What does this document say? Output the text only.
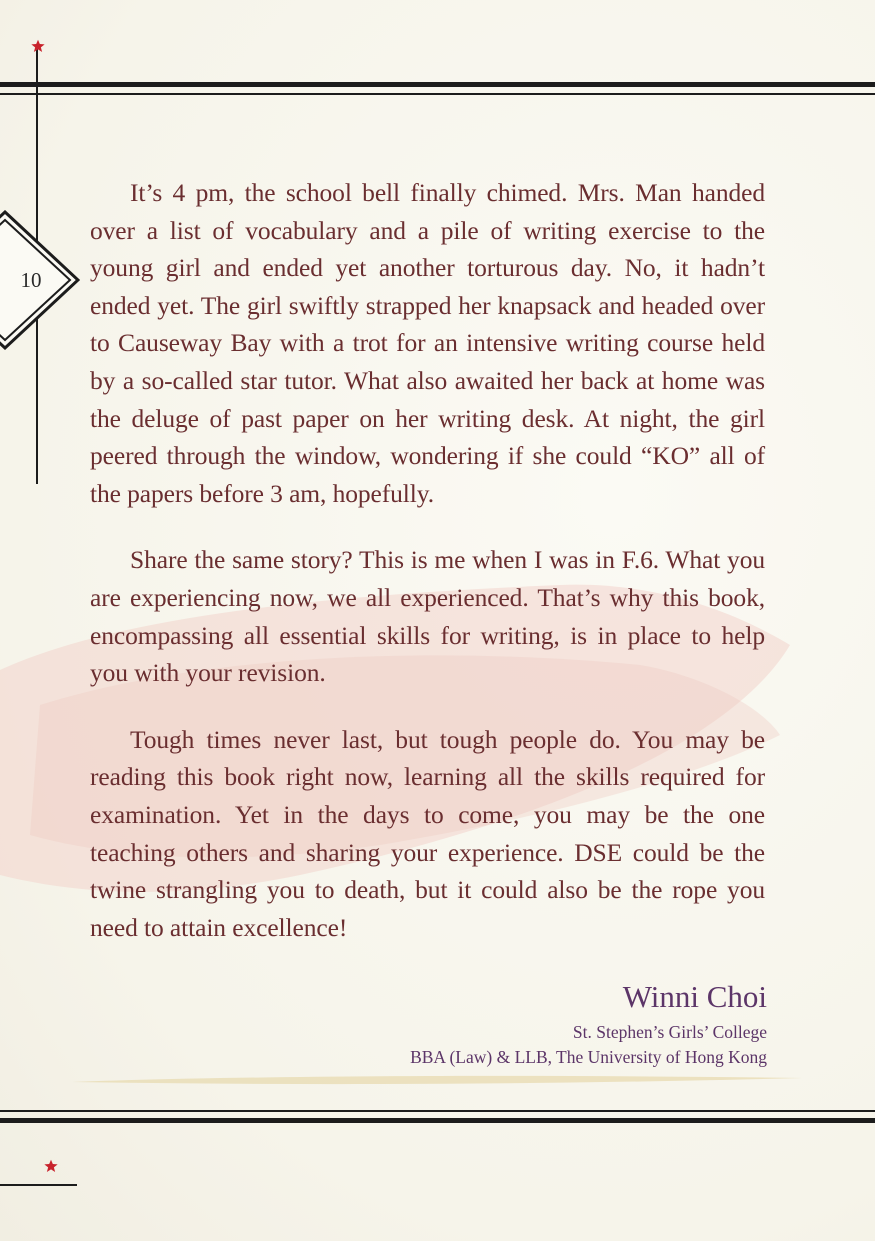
10

It’s 4 pm, the school bell finally chimed. Mrs. Man handed over a list of vocabulary and a pile of writing exercise to the young girl and ended yet another torturous day. No, it hadn’t ended yet. The girl swiftly strapped her knapsack and headed over to Causeway Bay with a trot for an intensive writing course held by a so-called star tutor. What also awaited her back at home was the deluge of past paper on her writing desk. At night, the girl peered through the window, wondering if she could “KO” all of the papers before 3 am, hopefully.

Share the same story? This is me when I was in F.6. What you are experiencing now, we all experienced. That’s why this book, encompassing all essential skills for writing, is in place to help you with your revision.

Tough times never last, but tough people do. You may be reading this book right now, learning all the skills required for examination. Yet in the days to come, you may be the one teaching others and sharing your experience. DSE could be the twine strangling you to death, but it could also be the rope you need to attain excellence!

Winni Choi
St. Stephen’s Girls’ College
BBA (Law) & LLB, The University of Hong Kong
